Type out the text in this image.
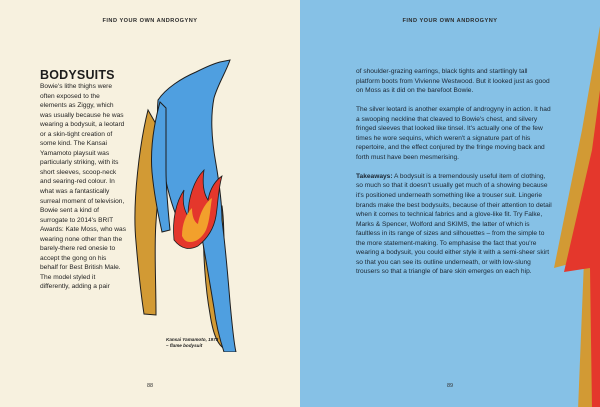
FIND YOUR OWN ANDROGYNY
BODYSUITS

Bowie's lithe thighs were often exposed to the elements as Ziggy, which was usually because he was wearing a bodysuit, a leotard or a skin-tight creation of some kind. The Kansai Yamamoto playsuit was particularly striking, with its short sleeves, scoop-neck and searing-red colour. In what was a fantastically surreal moment of television, Bowie sent a kind of surrogate to 2014's BRIT Awards: Kate Moss, who was wearing none other than the barely-there red onesie to accept the gong on his behalf for Best British Male. The model styled it differently, adding a pair

Kansai Yamamoto, 1973
– flame bodysuit
88
FIND YOUR OWN ANDROGYNY

of shoulder-grazing earrings, black tights and startlingly tall platform boots from Vivienne Westwood. But it looked just as good on Moss as it did on the barefoot Bowie.

The silver leotard is another example of androgyny in action. It had a swooping neckline that cleaved to Bowie's chest, and silvery fringed sleeves that looked like tinsel. It's actually one of the few times he wore sequins, which weren't a signature part of his repertoire, and the effect conjured by the fringe moving back and forth must have been mesmerising.

Takeaways: A bodysuit is a tremendously useful item of clothing, so much so that it doesn't usually get much of a showing because it's positioned underneath something like a trouser suit. Lingerie brands make the best bodysuits, because of their attention to detail when it comes to technical fabrics and a glove-like fit. Try Falke, Marks & Spencer, Wolford and SKIMS, the latter of which is faultless in its range of sizes and silhouettes – from the simple to the more statement-making. To emphasise the fact that you're wearing a bodysuit, you could either style it with a semi-sheer skirt so that you can see its outline underneath, or with low-slung trousers so that a triangle of bare skin emerges on each hip.

89
